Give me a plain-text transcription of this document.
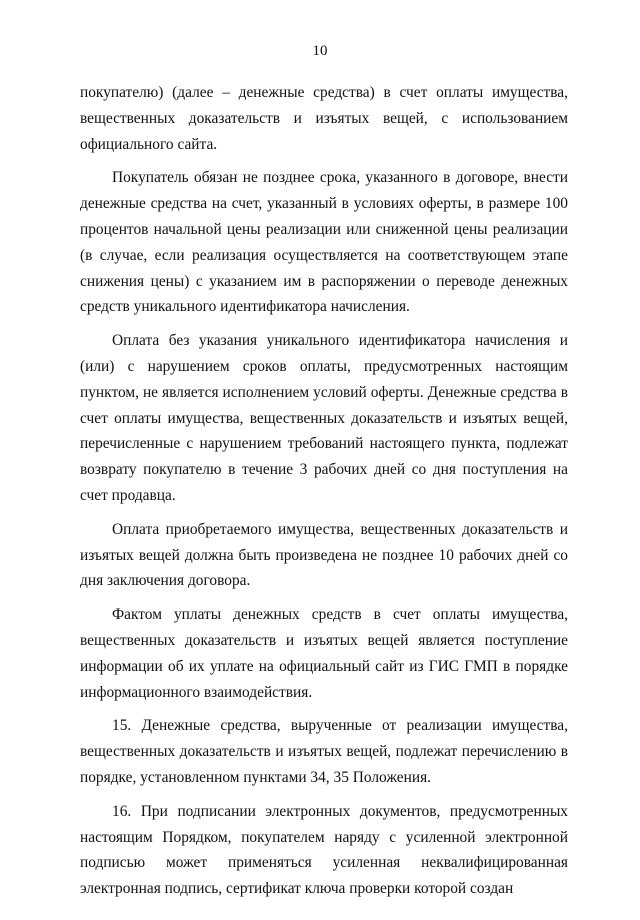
10

покупателю) (далее – денежные средства) в счет оплаты имущества, вещественных доказательств и изъятых вещей, с использованием официального сайта.

Покупатель обязан не позднее срока, указанного в договоре, внести денежные средства на счет, указанный в условиях оферты, в размере 100 процентов начальной цены реализации или сниженной цены реализации (в случае, если реализация осуществляется на соответствующем этапе снижения цены) с указанием им в распоряжении о переводе денежных средств уникального идентификатора начисления.

Оплата без указания уникального идентификатора начисления и (или) с нарушением сроков оплаты, предусмотренных настоящим пунктом, не является исполнением условий оферты. Денежные средства в счет оплаты имущества, вещественных доказательств и изъятых вещей, перечисленные с нарушением требований настоящего пункта, подлежат возврату покупателю в течение 3 рабочих дней со дня поступления на счет продавца.

Оплата приобретаемого имущества, вещественных доказательств и изъятых вещей должна быть произведена не позднее 10 рабочих дней со дня заключения договора.

Фактом уплаты денежных средств в счет оплаты имущества, вещественных доказательств и изъятых вещей является поступление информации об их уплате на официальный сайт из ГИС ГМП в порядке информационного взаимодействия.

15. Денежные средства, вырученные от реализации имущества, вещественных доказательств и изъятых вещей, подлежат перечислению в порядке, установленном пунктами 34, 35 Положения.

16. При подписании электронных документов, предусмотренных настоящим Порядком, покупателем наряду с усиленной электронной подписью может применяться усиленная неквалифицированная электронная подпись, сертификат ключа проверки которой создан
